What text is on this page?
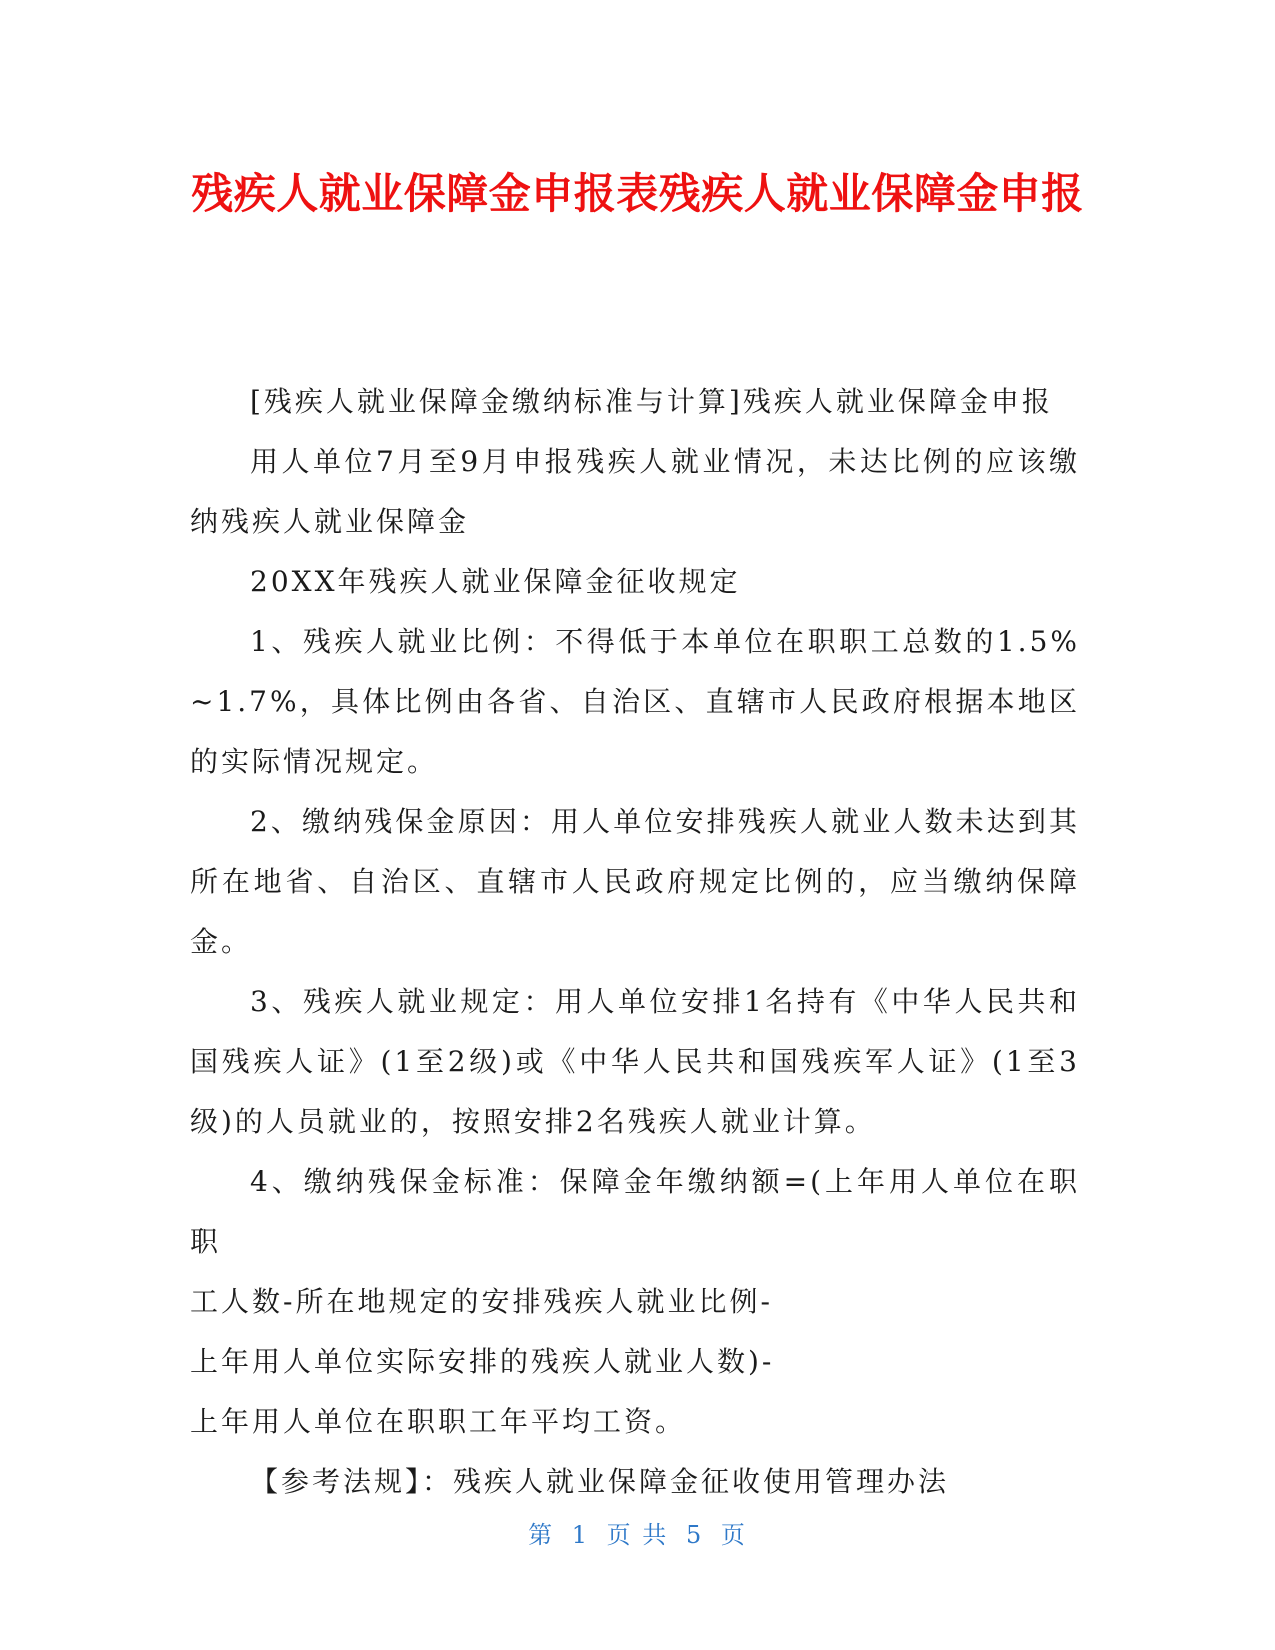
残疾人就业保障金申报表残疾人就业保障金申报

[残疾人就业保障金缴纳标准与计算]残疾人就业保障金申报

用人单位7月至9月申报残疾人就业情况，未达比例的应该缴纳残疾人就业保障金

20XX年残疾人就业保障金征收规定

1、残疾人就业比例：不得低于本单位在职职工总数的1.5%~1.7%，具体比例由各省、自治区、直辖市人民政府根据本地区的实际情况规定。

2、缴纳残保金原因：用人单位安排残疾人就业人数未达到其所在地省、自治区、直辖市人民政府规定比例的，应当缴纳保障金。

3、残疾人就业规定：用人单位安排1名持有《中华人民共和国残疾人证》(1至2级)或《中华人民共和国残疾军人证》(1至3级)的人员就业的，按照安排2名残疾人就业计算。

4、缴纳残保金标准：保障金年缴纳额=(上年用人单位在职职

工人数-所在地规定的安排残疾人就业比例-

上年用人单位实际安排的残疾人就业人数)-

上年用人单位在职职工年平均工资。

【参考法规】：残疾人就业保障金征收使用管理办法

第 1 页 共 5 页
